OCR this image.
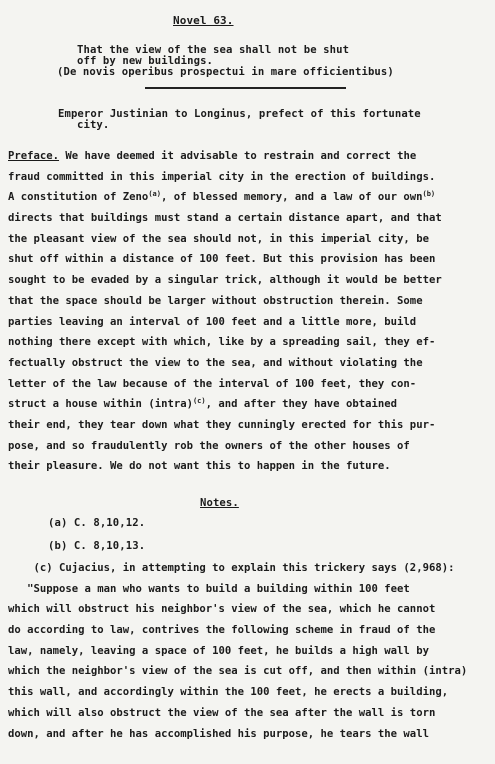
Novel 63.
That the view of the sea shall not be shut
off by new buildings.
(De novis operibus prospectui in mare officientibus)
Emperor Justinian to Longinus, prefect of this fortunate
city.
Preface. We have deemed it advisable to restrain and correct the
fraud committed in this imperial city in the erection of buildings.
A constitution of Zeno$^{(a)}$, of blessed memory, and a law of our own$^{(b)}$
directs that buildings must stand a certain distance apart, and that
the pleasant view of the sea should not, in this imperial city, be
shut off within a distance of 100 feet. But this provision has been
sought to be evaded by a singular trick, although it would be better
that the space should be larger without obstruction therein. Some
parties leaving an interval of 100 feet and a little more, build
nothing there except with which, like by a spreading sail, they ef-
fectually obstruct the view to the sea, and without violating the
letter of the law because of the interval of 100 feet, they con-
struct a house within (intra)$^{(c)}$, and after they have obtained
their end, they tear down what they cunningly erected for this pur-
pose, and so fraudulently rob the owners of the other houses of
their pleasure. We do not want this to happen in the future.
Notes.
(a) C. 8,10,12.
(b) C. 8,10,13.
(c) Cujacius, in attempting to explain this trickery says (2,968):
"Suppose a man who wants to build a building within 100 feet
which will obstruct his neighbor's view of the sea, which he cannot
do according to law, contrives the following scheme in fraud of the
law, namely, leaving a space of 100 feet, he builds a high wall by
which the neighbor's view of the sea is cut off, and then within (intra)
this wall, and accordingly within the 100 feet, he erects a building,
which will also obstruct the view of the sea after the wall is torn
down, and after he has accomplished his purpose, he tears the wall
